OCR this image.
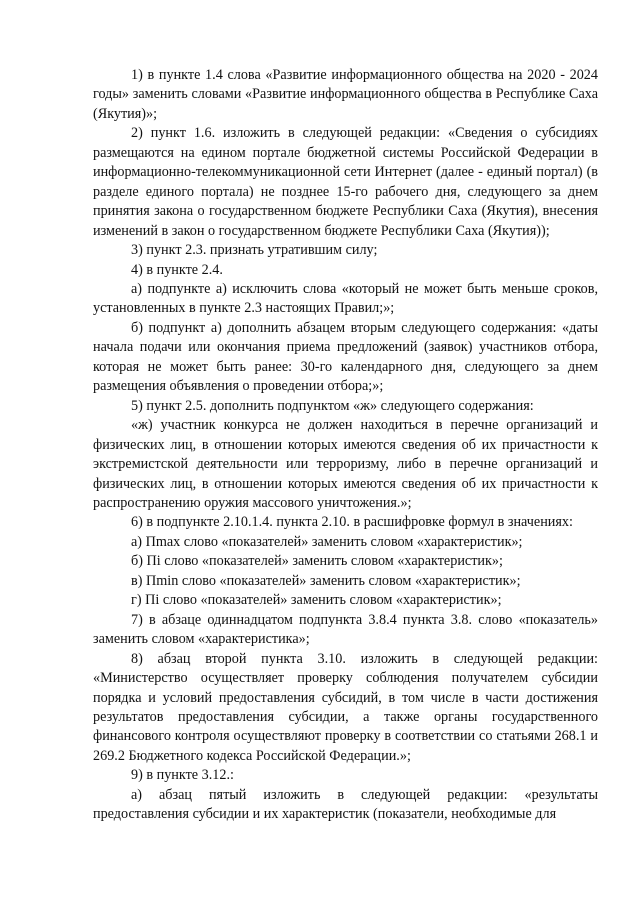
1) в пункте 1.4 слова «Развитие информационного общества на 2020 - 2024 годы» заменить словами «Развитие информационного общества в Республике Саха (Якутия)»;

2) пункт 1.6. изложить в следующей редакции: «Сведения о субсидиях размещаются на едином портале бюджетной системы Российской Федерации в информационно-телекоммуникационной сети Интернет (далее - единый портал) (в разделе единого портала) не позднее 15-го рабочего дня, следующего за днем принятия закона о государственном бюджете Республики Саха (Якутия), внесения изменений в закон о государственном бюджете Республики Саха (Якутия));

3) пункт 2.3. признать утратившим силу;

4) в пункте 2.4.

а) подпункте а) исключить слова «который не может быть меньше сроков, установленных в пункте 2.3 настоящих Правил;»;

б) подпункт а) дополнить абзацем вторым следующего содержания: «даты начала подачи или окончания приема предложений (заявок) участников отбора, которая не может быть ранее: 30-го календарного дня, следующего за днем размещения объявления о проведении отбора;»;

5) пункт 2.5. дополнить подпунктом «ж» следующего содержания:

«ж) участник конкурса не должен находиться в перечне организаций и физических лиц, в отношении которых имеются сведения об их причастности к экстремистской деятельности или терроризму, либо в перечне организаций и физических лиц, в отношении которых имеются сведения об их причастности к распространению оружия массового уничтожения.»;

6) в подпункте 2.10.1.4. пункта 2.10. в расшифровке формул в значениях:

а) Пmax слово «показателей» заменить словом «характеристик»;

б) Пi слово «показателей» заменить словом «характеристик»;

в) Пmin слово «показателей» заменить словом «характеристик»;

г) Пi слово «показателей» заменить словом «характеристик»;

7) в абзаце одиннадцатом подпункта 3.8.4 пункта 3.8. слово «показатель» заменить словом «характеристика»;

8) абзац второй пункта 3.10. изложить в следующей редакции: «Министерство осуществляет проверку соблюдения получателем субсидии порядка и условий предоставления субсидий, в том числе в части достижения результатов предоставления субсидии, а также органы государственного финансового контроля осуществляют проверку в соответствии со статьями 268.1 и 269.2 Бюджетного кодекса Российской Федерации.»;

9) в пункте 3.12.:

а) абзац пятый изложить в следующей редакции: «результаты предоставления субсидии и их характеристик (показатели, необходимые для
